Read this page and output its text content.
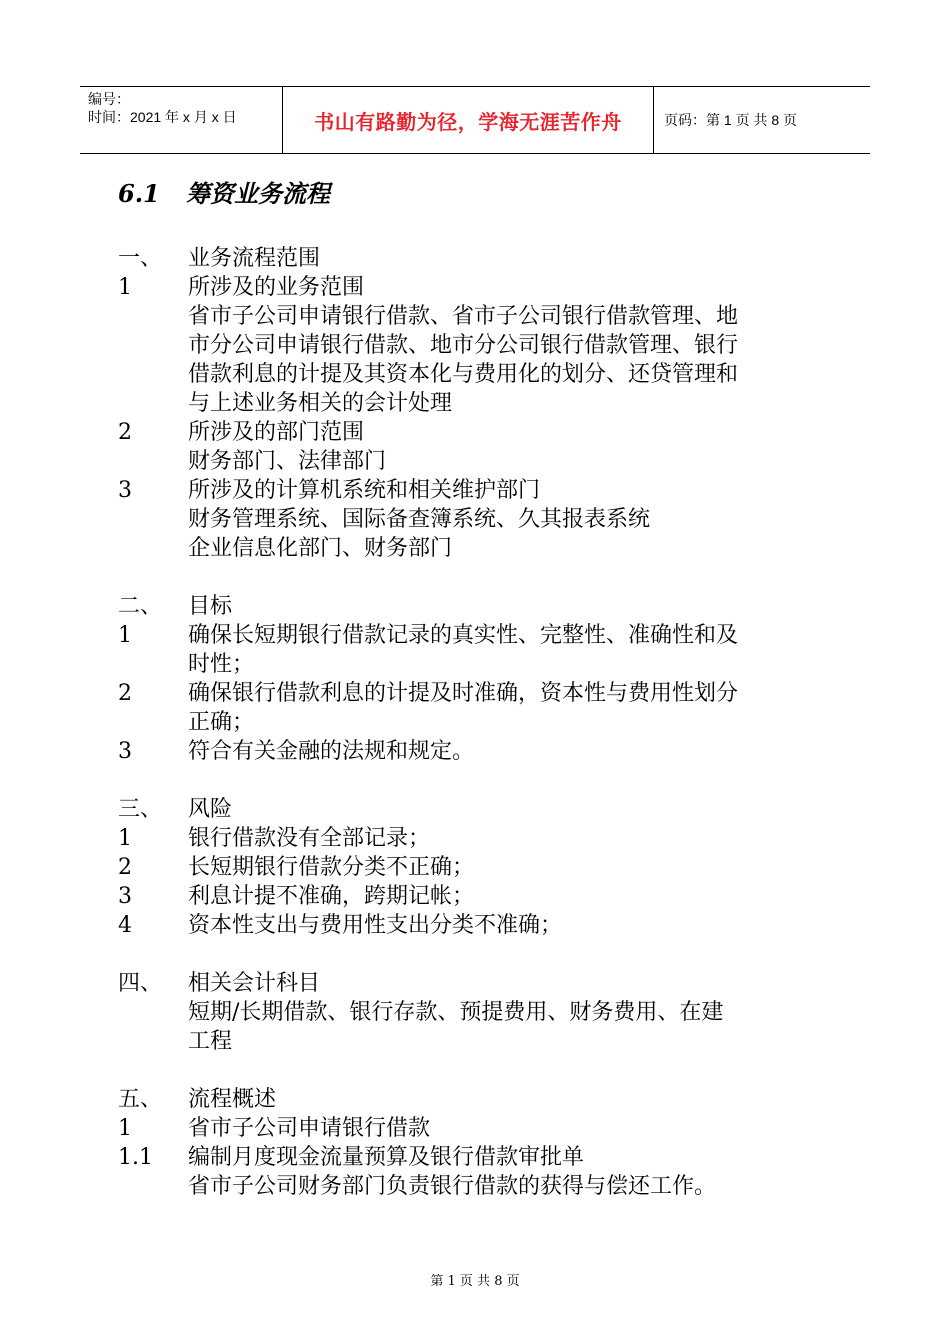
编号：
时间：2021 年 x 月 x 日	书山有路勤为径，学海无涯苦作舟	页码：第 1 页 共 8 页
6.1 筹资业务流程
一、 业务流程范围
1	所涉及的业务范围
省市子公司申请银行借款、省市子公司银行借款管理、地
市分公司申请银行借款、地市分公司银行借款管理、银行
借款利息的计提及其资本化与费用化的划分、还贷管理和
与上述业务相关的会计处理
2	所涉及的部门范围
财务部门、法律部门
3	所涉及的计算机系统和相关维护部门
财务管理系统、国际备查簿系统、久其报表系统
企业信息化部门、财务部门
二、 目标
1	确保长短期银行借款记录的真实性、完整性、准确性和及
时性；
2	确保银行借款利息的计提及时准确，资本性与费用性划分
正确；
3	符合有关金融的法规和规定。
三、 风险
1	银行借款没有全部记录；
2	长短期银行借款分类不正确；
3	利息计提不准确，跨期记帐；
4	资本性支出与费用性支出分类不准确；
四、 相关会计科目
短期/长期借款、银行存款、预提费用、财务费用、在建
工程
五、 流程概述
1	省市子公司申请银行借款
1.1 编制月度现金流量预算及银行借款审批单
省市子公司财务部门负责银行借款的获得与偿还工作。
第 1 页 共 8 页
